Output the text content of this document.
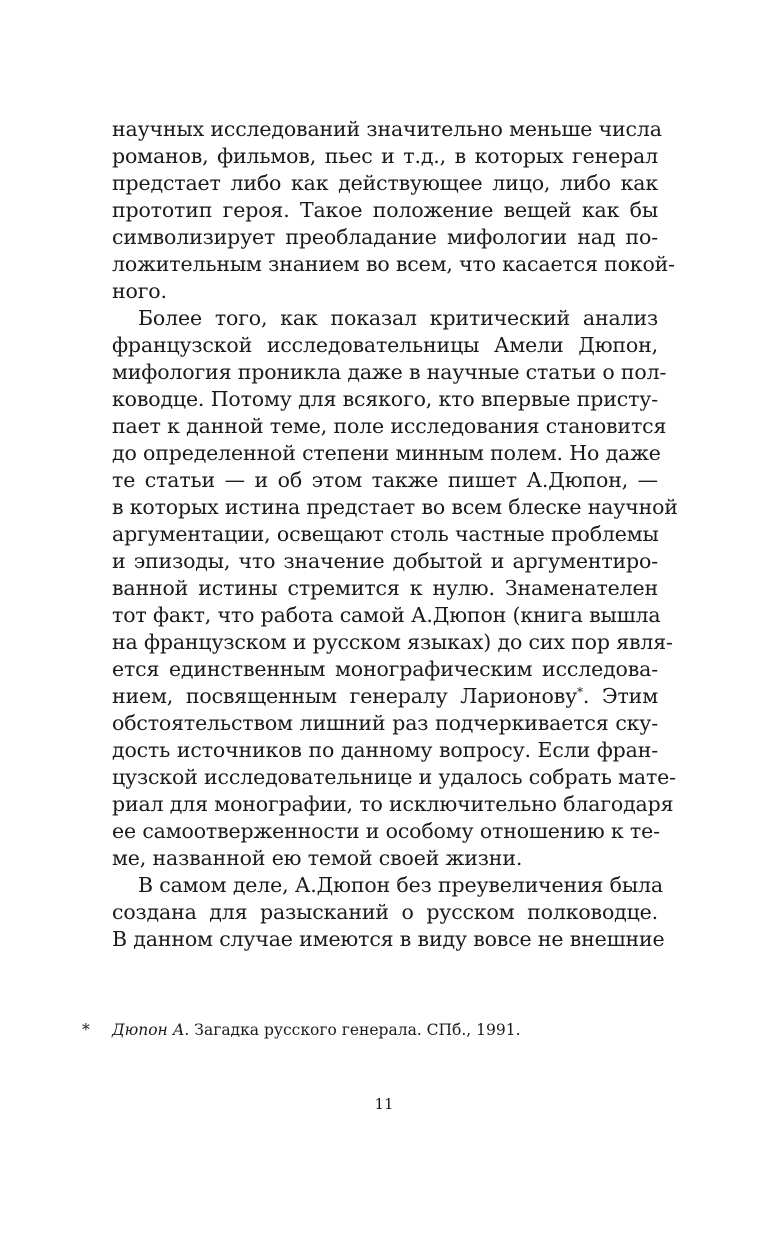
научных исследований значительно меньше числа
романов, фильмов, пьес и т.д., в которых генерал
предстает либо как действующее лицо, либо как
прототип героя. Такое положение вещей как бы
символизирует преобладание мифологии над по-
ложительным знанием во всем, что касается покой-
ного.
Более того, как показал критический анализ
французской исследовательницы Амели Дюпон,
мифология проникла даже в научные статьи о пол-
ководце. Потому для всякого, кто впервые присту-
пает к данной теме, поле исследования становится
до определенной степени минным полем. Но даже
те статьи — и об этом также пишет А.Дюпон, —
в которых истина предстает во всем блеске научной
аргументации, освещают столь частные проблемы
и эпизоды, что значение добытой и аргументиро-
ванной истины стремится к нулю. Знаменателен
тот факт, что работа самой А.Дюпон (книга вышла
на французском и русском языках) до сих пор явля-
ется единственным монографическим исследова-
нием, посвященным генералу Ларионову*. Этим
обстоятельством лишний раз подчеркивается ску-
дость источников по данному вопросу. Если фран-
цузской исследовательнице и удалось собрать мате-
риал для монографии, то исключительно благодаря
ее самоотверженности и особому отношению к те-
ме, названной ею темой своей жизни.
В самом деле, А.Дюпон без преувеличения была
создана для разысканий о русском полководце.
В данном случае имеются в виду вовсе не внешние
* Дюпон А. Загадка русского генерала. СПб., 1991.
11
